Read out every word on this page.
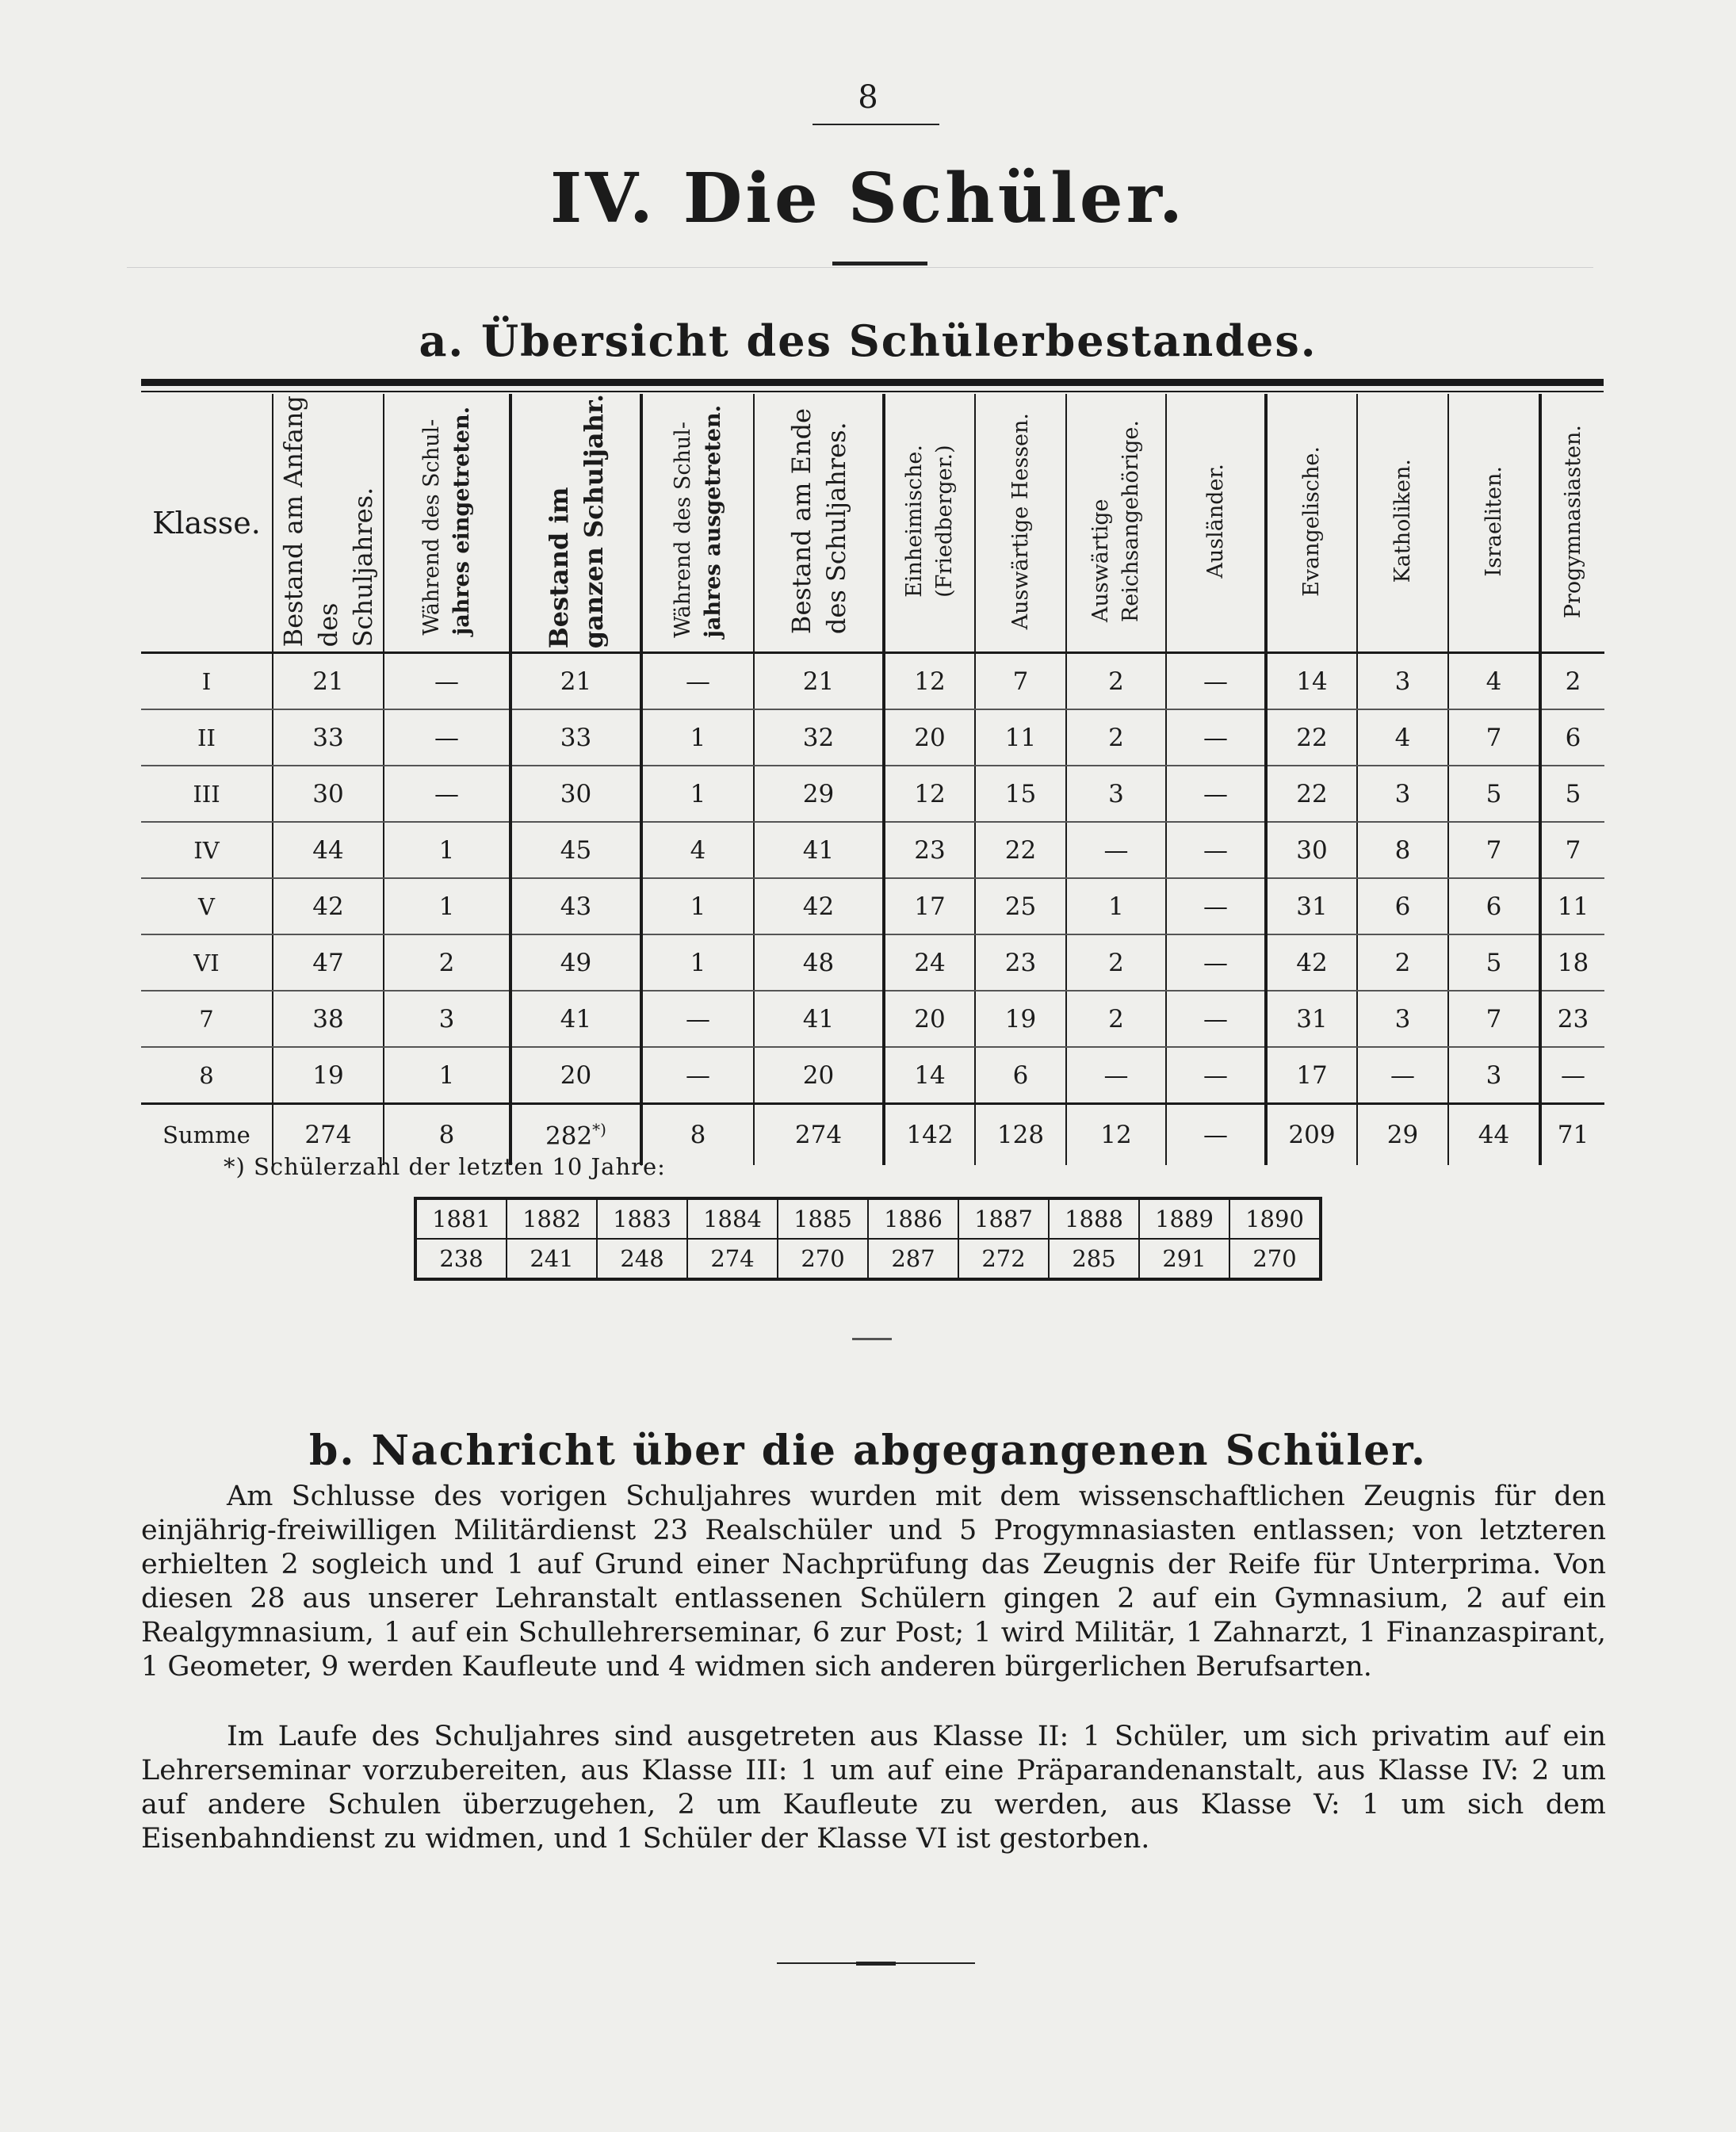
8
IV. Die Schüler.
a. Übersicht des Schülerbestandes.
Klasse.	Bestand am Anfang des Schuljahres.	Während des Schul- jahres eingetreten.	Bestand im ganzen Schuljahr.	Während des Schul- jahres ausgetreten.	Bestand am Ende des Schuljahres.	Einheimische. (Friedberger.)	Auswärtige Hessen.	Auswärtige Reichsangehörige.	Ausländer.	Evangelische.	Katholiken.	Israeliten.	Progymnasiasten.
I	21	—	21	—	21	12	7	2	—	14	3	4	2
II	33	—	33	1	32	20	11	2	—	22	4	7	6
III	30	—	30	1	29	12	15	3	—	22	3	5	5
IV	44	1	45	4	41	23	22	—	—	30	8	7	7
V	42	1	43	1	42	17	25	1	—	31	6	6	11
VI	47	2	49	1	48	24	23	2	—	42	2	5	18
7	38	3	41	—	41	20	19	2	—	31	3	7	23
8	19	1	20	—	20	14	6	—	—	17	—	3	—
Summe	274	8	282*)	8	274	142	128	12	—	209	29	44	71
*) Schülerzahl der letzten 10 Jahre:
1881	1882	1883	1884	1885	1886	1887	1888	1889	1890
238	241	248	274	270	287	272	285	291	270
b. Nachricht über die abgegangenen Schüler.

Am Schlusse des vorigen Schuljahres wurden mit dem wissenschaftlichen Zeugnis für den einjährig-freiwilligen Militärdienst 23 Realschüler und 5 Progymnasiasten entlassen; von letzteren erhielten 2 sogleich und 1 auf Grund einer Nachprüfung das Zeugnis der Reife für Unterprima. Von diesen 28 aus unserer Lehranstalt entlassenen Schülern gingen 2 auf ein Gymnasium, 2 auf ein Realgymnasium, 1 auf ein Schullehrerseminar, 6 zur Post; 1 wird Militär, 1 Zahnarzt, 1 Finanzaspirant, 1 Geometer, 9 werden Kaufleute und 4 widmen sich anderen bürgerlichen Berufsarten.

Im Laufe des Schuljahres sind ausgetreten aus Klasse II: 1 Schüler, um sich privatim auf ein Lehrerseminar vorzubereiten, aus Klasse III: 1 um auf eine Präparandenanstalt, aus Klasse IV: 2 um auf andere Schulen überzugehen, 2 um Kaufleute zu werden, aus Klasse V: 1 um sich dem Eisenbahndienst zu widmen, und 1 Schüler der Klasse VI ist gestorben.
